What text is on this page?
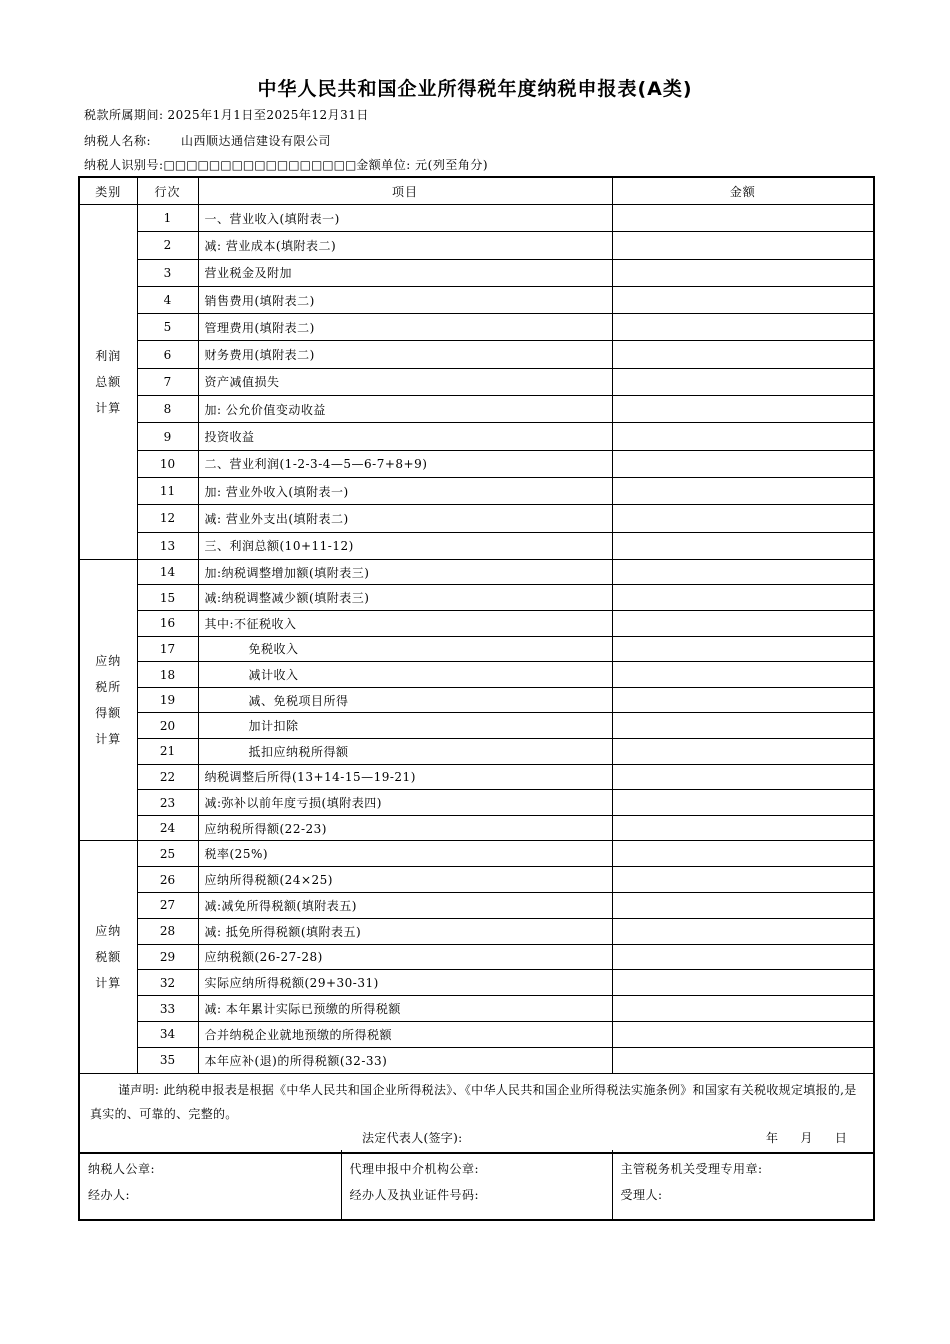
中华人民共和国企业所得税年度纳税申报表(A类)
税款所属期间: 2025年1月1日至2025年12月31日
纳税人名称:	山西顺达通信建设有限公司
纳税人识别号:□□□□□□□□□□□□□□□□□金额单位: 元(列至角分)
类别	行次	项目	金额
利润
总额
计算	1	一、营业收入(填附表一)	
	2	减: 营业成本(填附表二)	
	3	营业税金及附加	
	4	销售费用(填附表二)	
	5	管理费用(填附表二)	
	6	财务费用(填附表二)	
	7	资产减值损失	
	8	加: 公允价值变动收益	
	9	投资收益	
	10	二、营业利润(1-2-3-4—5—6-7+8+9)	
	11	加: 营业外收入(填附表一)	
	12	减: 营业外支出(填附表二)	
	13	三、利润总额(10+11-12)	
应纳
税所
得额
计算	14	加:纳税调整增加额(填附表三)	
	15	减:纳税调整减少额(填附表三)	
	16	其中:不征税收入	
	17	免税收入	
	18	减计收入	
	19	减、免税项目所得	
	20	加计扣除	
	21	抵扣应纳税所得额	
	22	纳税调整后所得(13+14-15—19-21)	
	23	减:弥补以前年度亏损(填附表四)	
	24	应纳税所得额(22-23)	
应纳
税额
计算	25	税率(25%)	
	26	应纳所得税额(24×25)	
	27	减:减免所得税额(填附表五)	
	28	减: 抵免所得税额(填附表五)	
	29	应纳税额(26-27-28)	
	32	实际应纳所得税额(29+30-31)	
	33	减: 本年累计实际已预缴的所得税额	
	34	合并纳税企业就地预缴的所得税额	
	35	本年应补(退)的所得税额(32-33)	

谨声明: 此纳税申报表是根据《中华人民共和国企业所得税法》、《中华人民共和国企业所得税法实施条例》和国家有关税收规定填报的,是真实的、可靠的、完整的。
法定代表人(签字): 年 月 日			
纳税人公章:
经办人:

代理申报中介机构公章:
经办人及执业证件号码:

主管税务机关受理专用章:
受理人:
